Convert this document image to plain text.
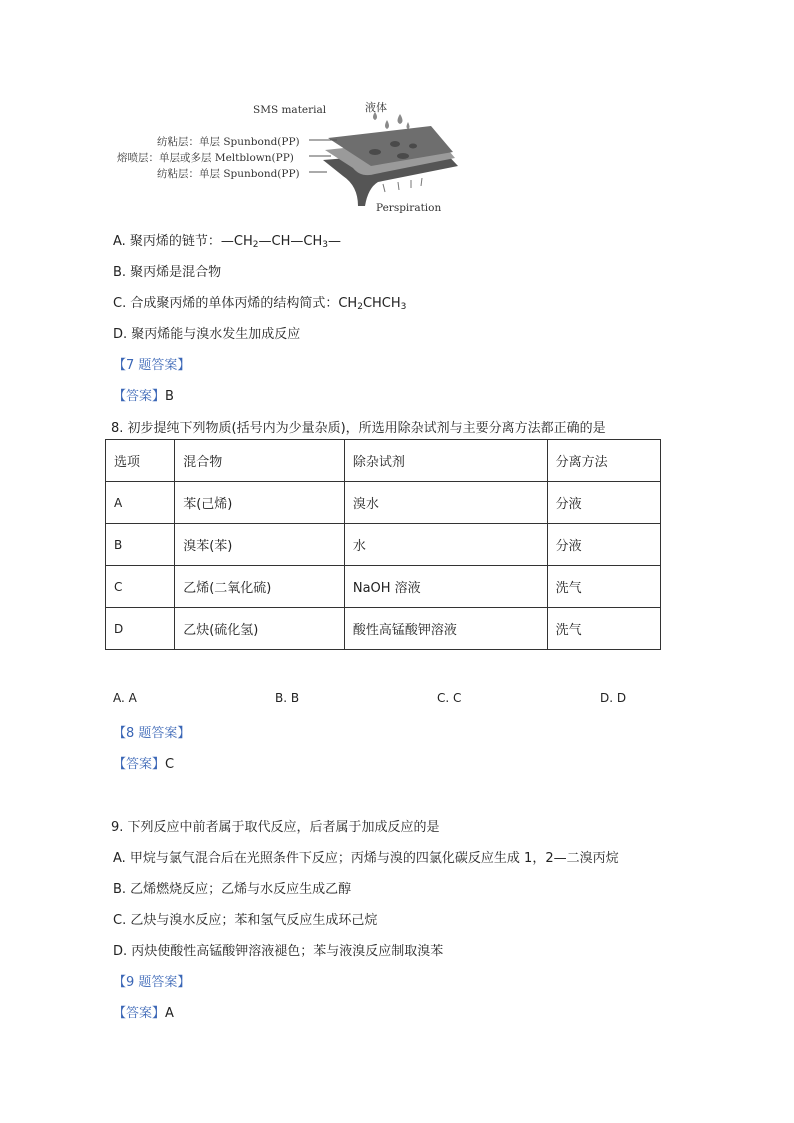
SMS material	液体
纺粘层：单层 Spunbond(PP)
熔喷层：单层或多层 Meltblown(PP)
纺粘层：单层 Spunbond(PP)
Perspiration
A. 聚丙烯的链节：$—CH_2—CH—CH_3—$
B. 聚丙烯是混合物
C. 合成聚丙烯的单体丙烯的结构简式：$CH_2CHCH_3$
D. 聚丙烯能与溴水发生加成反应
【7 题答案】
【答案】B
8. 初步提纯下列物质(括号内为少量杂质)，所选用除杂试剂与主要分离方法都正确的是
选项	混合物	除杂试剂	分离方法
A	苯(己烯)	溴水	分液
B	溴苯(苯)	水	分液
C	乙烯(二氧化硫)	NaOH 溶液	洗气
D	乙炔(硫化氢)	酸性高锰酸钾溶液	洗气
A. A	B. B	C. C	D. D
【8 题答案】
【答案】C
9. 下列反应中前者属于取代反应，后者属于加成反应的是
A. 甲烷与氯气混合后在光照条件下反应；丙烯与溴的四氯化碳反应生成 1，2—二溴丙烷
B. 乙烯燃烧反应；乙烯与水反应生成乙醇
C. 乙炔与溴水反应；苯和氢气反应生成环己烷
D. 丙炔使酸性高锰酸钾溶液褪色；苯与液溴反应制取溴苯
【9 题答案】
【答案】A
